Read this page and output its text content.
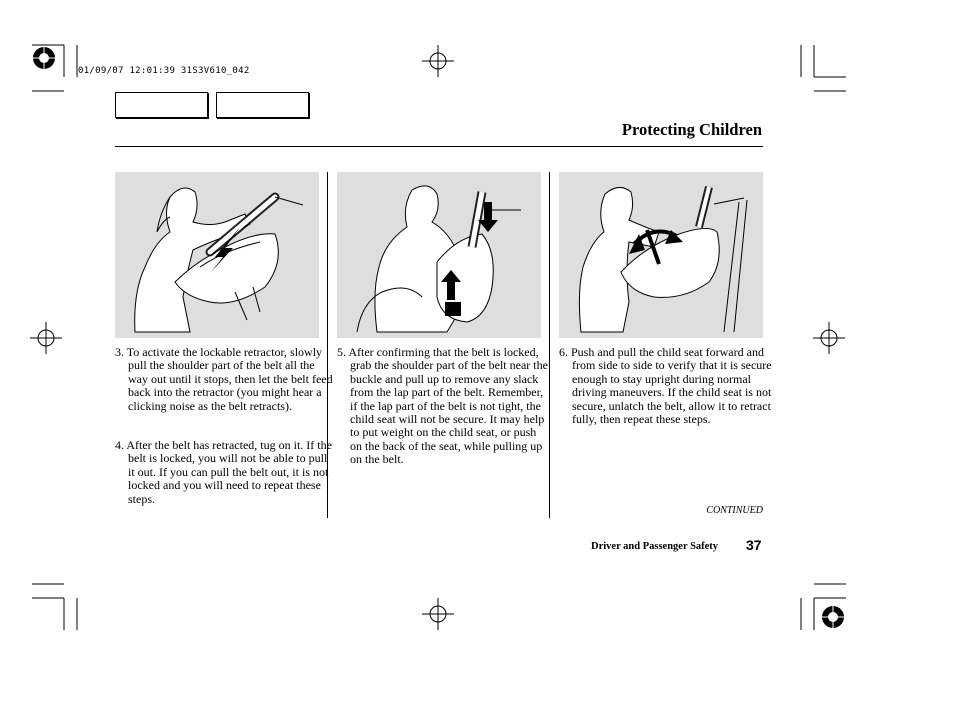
01/09/07 12:01:39 31S3V610_042
Protecting Children
3. To activate the lockable retractor, slowly pull the shoulder part of the belt all the way out until it stops, then let the belt feed back into the retractor (you might hear a clicking noise as the belt retracts).
4. After the belt has retracted, tug on it. If the belt is locked, you will not be able to pull it out. If you can pull the belt out, it is not locked and you will need to repeat these steps.
5. After confirming that the belt is locked, grab the shoulder part of the belt near the buckle and pull up to remove any slack from the lap part of the belt. Remember, if the lap part of the belt is not tight, the child seat will not be secure. It may help to put weight on the child seat, or push on the back of the seat, while pulling up on the belt.
6. Push and pull the child seat forward and from side to side to verify that it is secure enough to stay upright during normal driving maneuvers. If the child seat is not secure, unlatch the belt, allow it to retract fully, then repeat these steps.
CONTINUED
Driver and Passenger Safety 37
